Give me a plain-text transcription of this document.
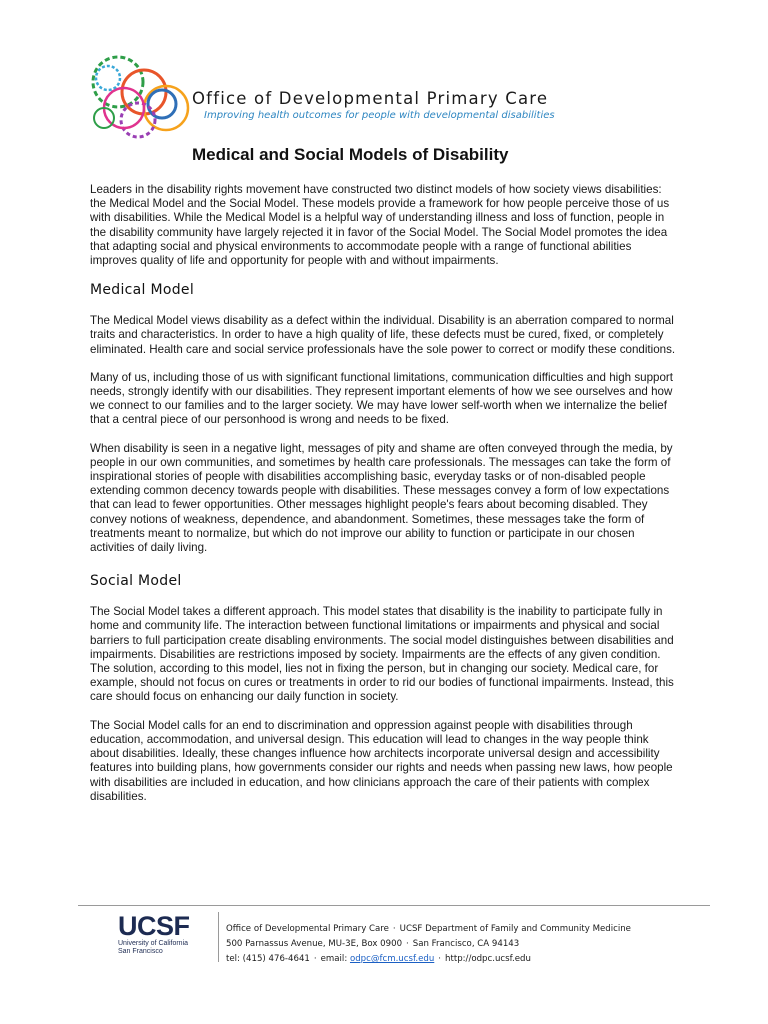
Office of Developmental Primary Care

Improving health outcomes for people with developmental disabilities

Medical and Social Models of Disability

Leaders in the disability rights movement have constructed two distinct models of how society views disabilities: the Medical Model and the Social Model. These models provide a framework for how people perceive those of us with disabilities. While the Medical Model is a helpful way of understanding illness and loss of function, people in the disability community have largely rejected it in favor of the Social Model. The Social Model promotes the idea that adapting social and physical environments to accommodate people with a range of functional abilities improves quality of life and opportunity for people with and without impairments.

Medical Model

The Medical Model views disability as a defect within the individual. Disability is an aberration compared to normal traits and characteristics. In order to have a high quality of life, these defects must be cured, fixed, or completely eliminated. Health care and social service professionals have the sole power to correct or modify these conditions.

Many of us, including those of us with significant functional limitations, communication difficulties and high support needs, strongly identify with our disabilities. They represent important elements of how we see ourselves and how we connect to our families and to the larger society. We may have lower self-worth when we internalize the belief that a central piece of our personhood is wrong and needs to be fixed.

When disability is seen in a negative light, messages of pity and shame are often conveyed through the media, by people in our own communities, and sometimes by health care professionals. The messages can take the form of inspirational stories of people with disabilities accomplishing basic, everyday tasks or of non-disabled people extending common decency towards people with disabilities. These messages convey a form of low expectations that can lead to fewer opportunities. Other messages highlight people's fears about becoming disabled. They convey notions of weakness, dependence, and abandonment. Sometimes, these messages take the form of treatments meant to normalize, but which do not improve our ability to function or participate in our chosen activities of daily living.

Social Model

The Social Model takes a different approach. This model states that disability is the inability to participate fully in home and community life. The interaction between functional limitations or impairments and physical and social barriers to full participation create disabling environments. The social model distinguishes between disabilities and impairments. Disabilities are restrictions imposed by society. Impairments are the effects of any given condition. The solution, according to this model, lies not in fixing the person, but in changing our society. Medical care, for example, should not focus on cures or treatments in order to rid our bodies of functional impairments. Instead, this care should focus on enhancing our daily function in society.

The Social Model calls for an end to discrimination and oppression against people with disabilities through education, accommodation, and universal design. This education will lead to changes in the way people think about disabilities. Ideally, these changes influence how architects incorporate universal design and accessibility features into building plans, how governments consider our rights and needs when passing new laws, how people with disabilities are included in education, and how clinicians approach the care of their patients with complex disabilities.

UCSF
University of California
San Francisco
Office of Developmental Primary Care · UCSF Department of Family and Community Medicine
500 Parnassus Avenue, MU-3E, Box 0900 · San Francisco, CA 94143
tel: (415) 476-4641 · email: odpc@fcm.ucsf.edu · http://odpc.ucsf.edu
